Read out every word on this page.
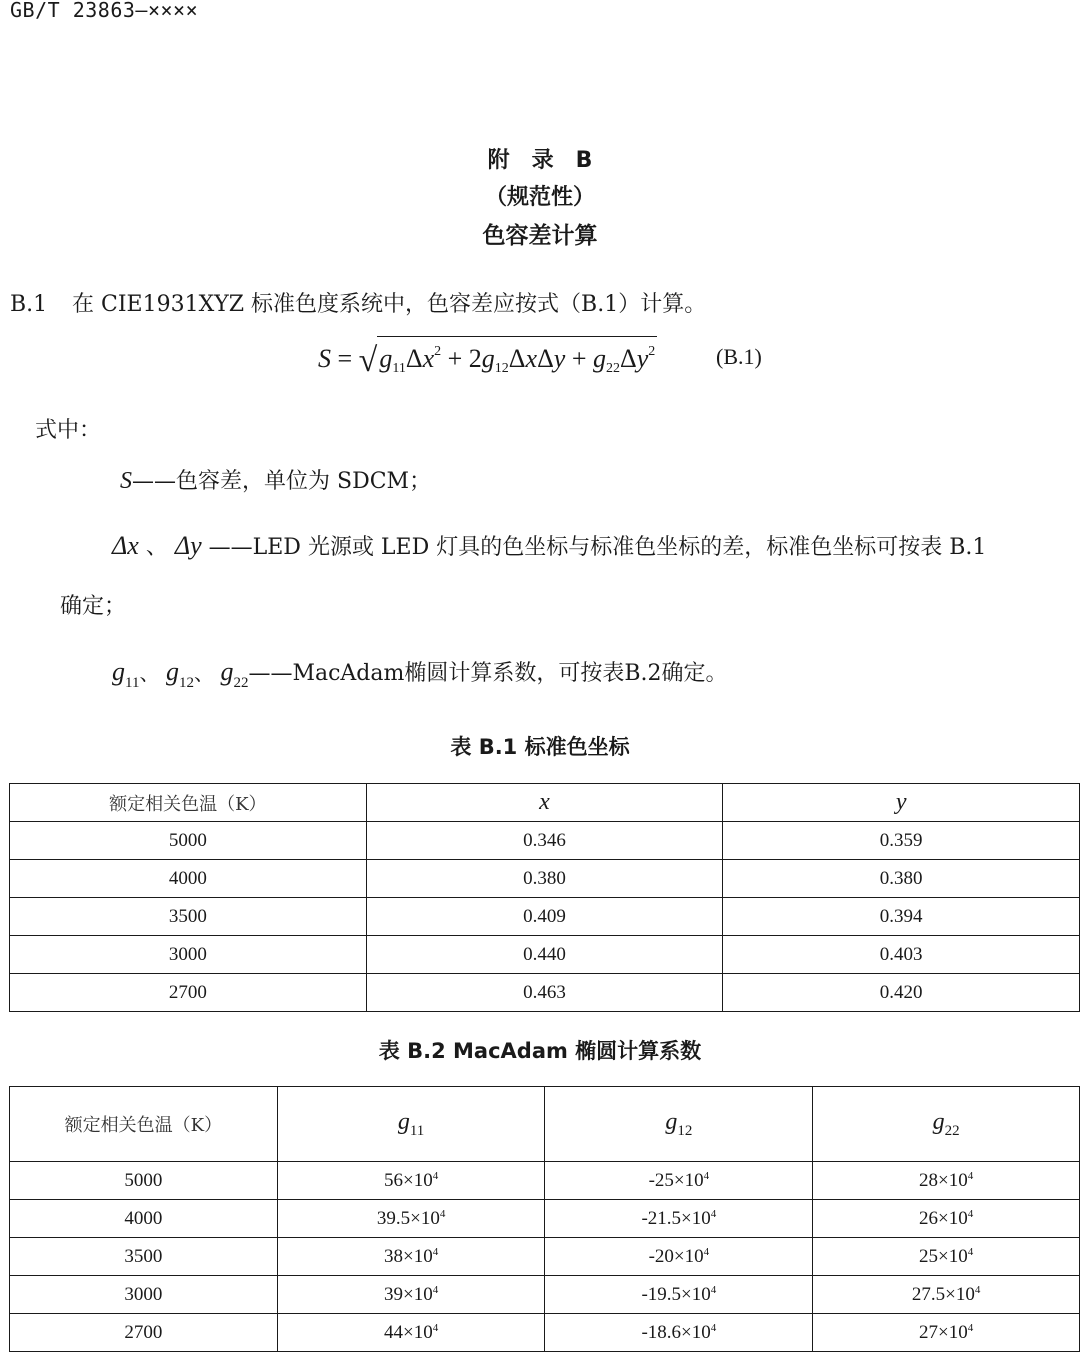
GB/T 23863—××××
附　录　B
（规范性）
色容差计算
B.1 在 CIE1931XYZ 标准色度系统中，色容差应按式（B.1）计算。
$S = √g_{11}\Delta x^2 + 2g_{12}\Delta x\Delta y + g_{22}\Delta y^2$	(B.1)
式中：
S——色容差，单位为 SDCM；
Δx 、 Δy ——LED 光源或 LED 灯具的色坐标与标准色坐标的差，标准色坐标可按表 B.1
确定；
$g_{11}$、 $g_{12}$、 $g_{22}——MacAdam$椭圆计算系数，可按表B.2确定。
表 B.1 标准色坐标
额定相关色温（K）	x	y
5000	0.346	0.359
4000	0.380	0.380
3500	0.409	0.394
3000	0.440	0.403
2700	0.463	0.420
表 B.2 MacAdam 椭圆计算系数
额定相关色温（K）	$g_{11}$	$g_{12}$	$g_{22}$
5000	$56\times 10^4$	$-25\times 10^4$	$28\times 10^4$
4000	$39.5\times 10^4$	$-21.5\times 10^4$	$26\times 10^4$
3500	$38\times 10^4$	$-20\times 10^4$	$25\times 10^4$
3000	$39\times 10^4$	$-19.5\times 10^4$	$27.5\times 10^4$
2700	$44\times 10^4$	$-18.6\times 10^4$	$27\times 10^4$
